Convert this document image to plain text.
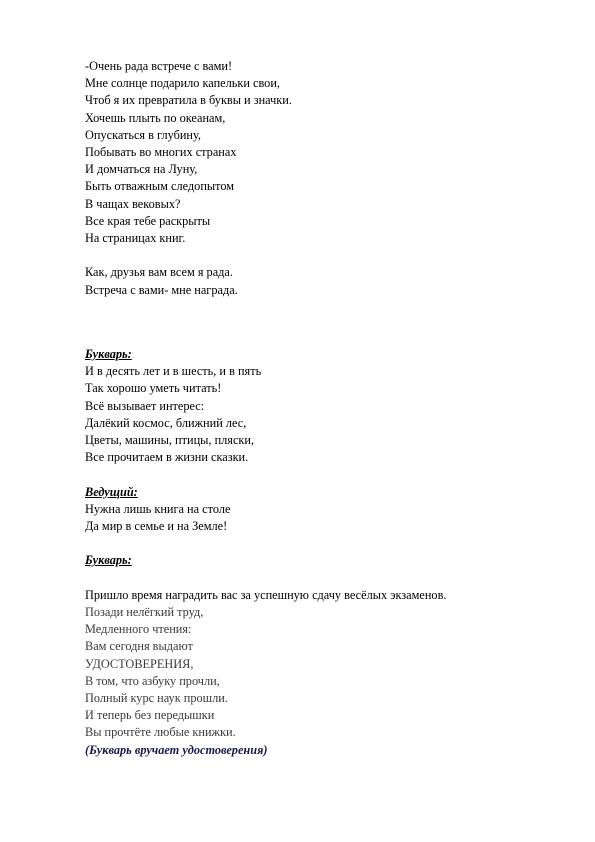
-Очень рада встрече с вами!
Мне солнце подарило капельки свои,
Чтоб я их превратила в буквы и значки.
Хочешь плыть по океанам,
Опускаться в глубину,
Побывать во многих странах
И домчаться на Луну,
Быть отважным следопытом
В чащах вековых?
Все края тебе раскрыты
На страницах книг.
Как, друзья вам всем я рада.
Встреча с вами- мне награда.
Букварь:
И в десять лет и в шесть, и в пять
Так хорошо уметь читать!
Всё вызывает интерес:
Далёкий космос, ближний лес,
Цветы, машины, птицы, пляски,
Все прочитаем в жизни сказки.
Ведущий:
Нужна лишь книга на столе
Да мир в семье и на Земле!
Букварь:
Пришло время наградить вас за успешную сдачу весёлых экзаменов.
Позади нелёгкий труд,
Медленного чтения:
Вам сегодня выдают
УДОСТОВЕРЕНИЯ,
В том, что азбуку прочли,
Полный курс наук прошли.
И теперь без передышки
Вы прочтёте любые книжки.
(Букварь вручает удостоверения)
